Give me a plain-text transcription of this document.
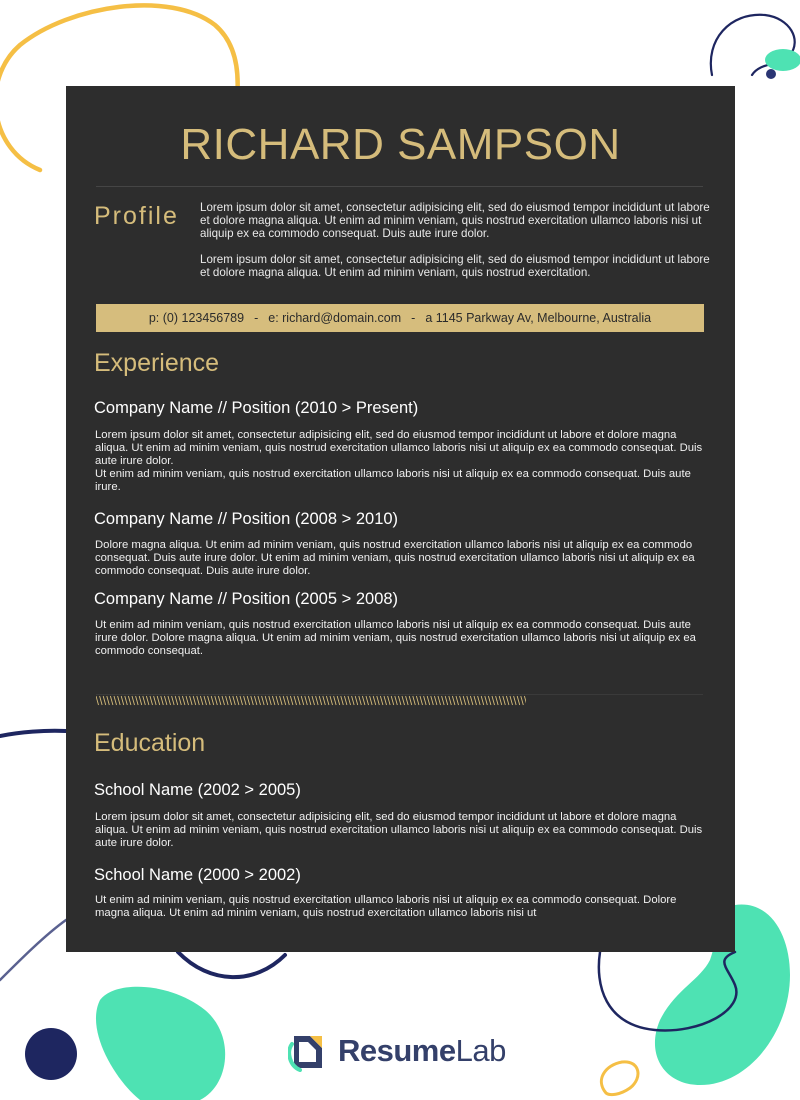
RICHARD SAMPSON
Profile Lorem ipsum dolor sit amet, consectetur adipisicing elit, sed do eiusmod tempor incididunt ut labore et dolore magna aliqua. Ut enim ad minim veniam, quis nostrud exercitation ullamco laboris nisi ut aliquip ex ea commodo consequat. Duis aute irure dolor.

Lorem ipsum dolor sit amet, consectetur adipisicing elit, sed do eiusmod tempor incididunt ut labore et dolore magna aliqua. Ut enim ad minim veniam, quis nostrud exercitation.

p: (0) 123456789 - e: richard@domain.com - a 1145 Parkway Av, Melbourne, Australia
Experience
Company Name // Position (2010 > Present)

Lorem ipsum dolor sit amet, consectetur adipisicing elit, sed do eiusmod tempor incididunt ut labore et dolore magna aliqua. Ut enim ad minim veniam, quis nostrud exercitation ullamco laboris nisi ut aliquip ex ea commodo consequat. Duis aute irure dolor.
Ut enim ad minim veniam, quis nostrud exercitation ullamco laboris nisi ut aliquip ex ea commodo consequat. Duis aute irure.

Company Name // Position (2008 > 2010)

Dolore magna aliqua. Ut enim ad minim veniam, quis nostrud exercitation ullamco laboris nisi ut aliquip ex ea commodo consequat. Duis aute irure dolor. Ut enim ad minim veniam, quis nostrud exercitation ullamco laboris nisi ut aliquip ex ea commodo consequat. Duis aute irure dolor.

Company Name // Position (2005 > 2008)

Ut enim ad minim veniam, quis nostrud exercitation ullamco laboris nisi ut aliquip ex ea commodo consequat. Duis aute irure dolor. Dolore magna aliqua. Ut enim ad minim veniam, quis nostrud exercitation ullamco laboris nisi ut aliquip ex ea commodo consequat.

Education
School Name (2002 > 2005)

Lorem ipsum dolor sit amet, consectetur adipisicing elit, sed do eiusmod tempor incididunt ut labore et dolore magna aliqua. Ut enim ad minim veniam, quis nostrud exercitation ullamco laboris nisi ut aliquip ex ea commodo consequat. Duis aute irure dolor.

School Name (2000 > 2002)

Ut enim ad minim veniam, quis nostrud exercitation ullamco laboris nisi ut aliquip ex ea commodo consequat. Dolore magna aliqua. Ut enim ad minim veniam, quis nostrud exercitation ullamco laboris nisi ut

ResumeLab
